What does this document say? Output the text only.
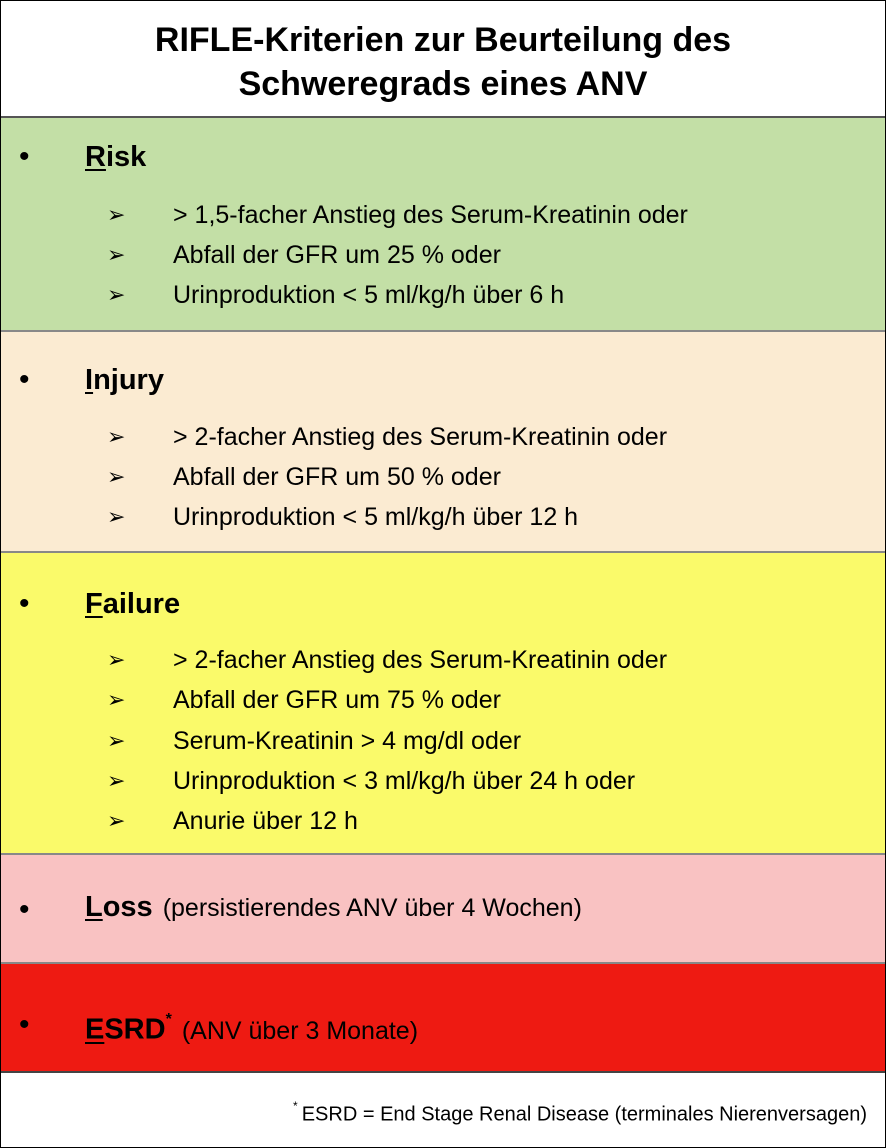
RIFLE-Kriterien zur Beurteilung des
Schweregrads eines ANV
• Risk
➢ > 1,5-facher Anstieg des Serum-Kreatinin oder
➢ Abfall der GFR um 25 % oder
➢ Urinproduktion < 5 ml/kg/h über 6 h
• Injury
➢ > 2-facher Anstieg des Serum-Kreatinin oder
➢ Abfall der GFR um 50 % oder
➢ Urinproduktion < 5 ml/kg/h über 12 h
• Failure
➢ > 2-facher Anstieg des Serum-Kreatinin oder
➢ Abfall der GFR um 75 % oder
➢ Serum-Kreatinin > 4 mg/dl oder
➢ Urinproduktion < 3 ml/kg/h über 24 h oder
➢ Anurie über 12 h
• Loss (persistierendes ANV über 4 Wochen)
• ESRD* (ANV über 3 Monate)
* ESRD = End Stage Renal Disease (terminales Nierenversagen)
